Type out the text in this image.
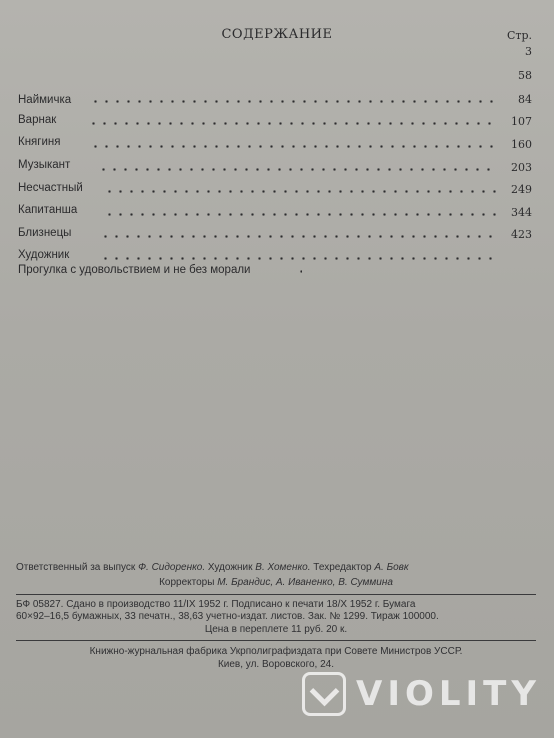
СОДЕРЖАНИЕ	Стр.
3
Наймичка
58
Варнак
84
Княгиня
107
Музыкант
160
Несчастный
203
Капитанша
249
Близнецы
344
Художник
423
Прогулка с удовольствием и не без морали
Ответственный за выпуск Ф. Сидоренко. Художник В. Хоменко. Техредактор А. Бовк
Корректоры М. Брандис, А. Иваненко, В. Суммина
БФ 05827. Сдано в производство 11/IX 1952 г. Подписано к печати 18/X 1952 г. Бумага
60×92–16,5 бумажных, 33 печатн., 38,63 учетно-издат. листов. Зак. № 1299. Тираж 100000.
Цена в переплете 11 руб. 20 к.
Книжно-журнальная фабрика Укрполиграфиздата при Совете Министров УССР.
Киев, ул. Воровского, 24.
VIOLITY
